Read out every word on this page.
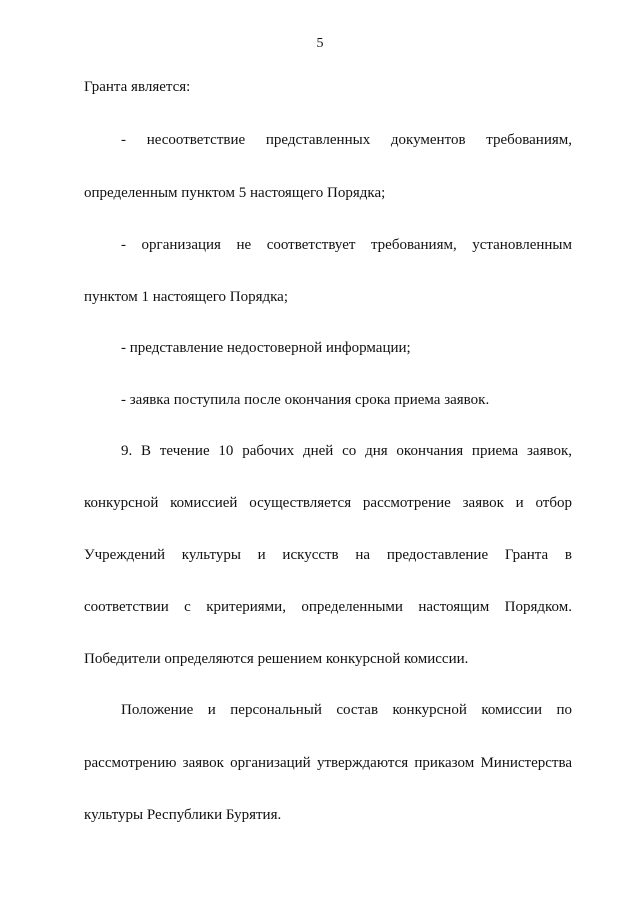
5
Гранта является:
- несоответствие представленных документов требованиям,
определенным пунктом 5 настоящего Порядка;
- организация не соответствует требованиям, установленным
пунктом 1 настоящего Порядка;
- представление недостоверной информации;
- заявка поступила после окончания срока приема заявок.
9. В течение 10 рабочих дней со дня окончания приема заявок,
конкурсной комиссией осуществляется рассмотрение заявок и отбор
Учреждений культуры и искусств на предоставление Гранта в
соответствии с критериями, определенными настоящим Порядком.
Победители определяются решением конкурсной комиссии.
Положение и персональный состав конкурсной комиссии по
рассмотрению заявок организаций утверждаются приказом Министерства
культуры Республики Бурятия.
